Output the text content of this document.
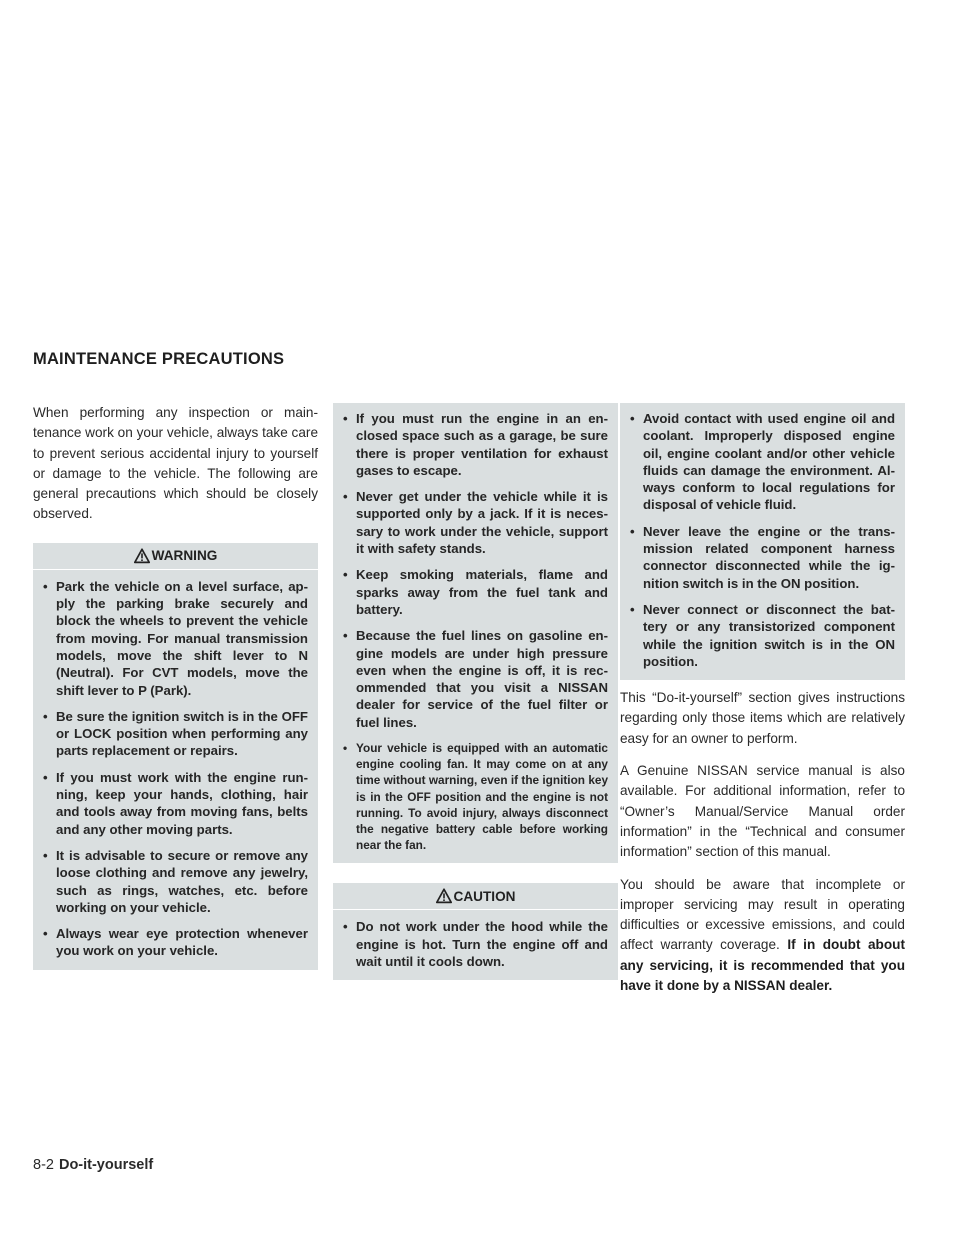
MAINTENANCE PRECAUTIONS

When performing any inspection or maintenance work on your vehicle, always take care to prevent serious accidental injury to yourself or damage to the vehicle. The following are general precautions which should be closely observed.

WARNING
• Park the vehicle on a level surface, apply the parking brake securely and block the wheels to prevent the vehicle from moving. For manual transmission models, move the shift lever to N (Neutral). For CVT models, move the shift lever to P (Park).
• Be sure the ignition switch is in the OFF or LOCK position when performing any parts replacement or repairs.
• If you must work with the engine running, keep your hands, clothing, hair and tools away from moving fans, belts and any other moving parts.
• It is advisable to secure or remove any loose clothing and remove any jewelry, such as rings, watches, etc. before working on your vehicle.
• Always wear eye protection whenever you work on your vehicle.
• If you must run the engine in an enclosed space such as a garage, be sure there is proper ventilation for exhaust gases to escape.
• Never get under the vehicle while it is supported only by a jack. If it is necessary to work under the vehicle, support it with safety stands.
• Keep smoking materials, flame and sparks away from the fuel tank and battery.
• Because the fuel lines on gasoline engine models are under high pressure even when the engine is off, it is recommended that you visit a NISSAN dealer for service of the fuel filter or fuel lines.
• Your vehicle is equipped with an automatic engine cooling fan. It may come on at any time without warning, even if the ignition key is in the OFF position and the engine is not running. To avoid injury, always disconnect the negative battery cable before working near the fan.
CAUTION
• Do not work under the hood while the engine is hot. Turn the engine off and wait until it cools down.
• Avoid contact with used engine oil and coolant. Improperly disposed engine oil, engine coolant and/or other vehicle fluids can damage the environment. Always conform to local regulations for disposal of vehicle fluid.
• Never leave the engine or the transmission related component harness connector disconnected while the ignition switch is in the ON position.
• Never connect or disconnect the battery or any transistorized component while the ignition switch is in the ON position.

This “Do-it-yourself” section gives instructions regarding only those items which are relatively easy for an owner to perform.

A Genuine NISSAN service manual is also available. For additional information, refer to “Owner’s Manual/Service Manual order information” in the “Technical and consumer information” section of this manual.

You should be aware that incomplete or improper servicing may result in operating difficulties or excessive emissions, and could affect warranty coverage. If in doubt about any servicing, it is recommended that you have it done by a NISSAN dealer.

8-2 Do-it-yourself
